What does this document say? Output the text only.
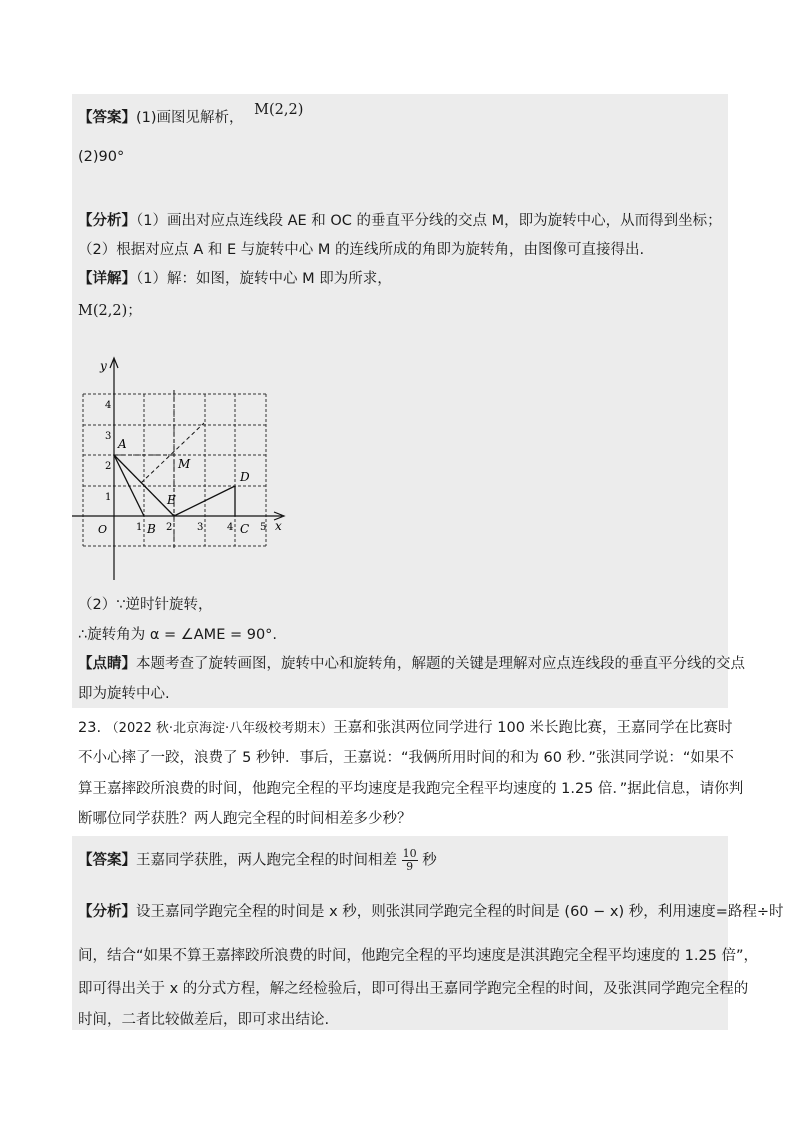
【答案】(1)画图见解析， M(2,2)
(2)90°
【分析】（1）画出对应点连线段 AE 和 OC 的垂直平分线的交点 M，即为旋转中心，从而得到坐标；
（2）根据对应点 A 和 E 与旋转中心 M 的连线所成的角即为旋转角，由图像可直接得出.
【详解】（1）解：如图，旋转中心 M 即为所求，
M(2,2)；
x
y
O	1 2 3 4	5
1
2
3
4
A
B	C
D
E
M
（2）∵逆时针旋转，
∴旋转角为 α = ∠AME = 90°.
【点睛】本题考查了旋转画图，旋转中心和旋转角，解题的关键是理解对应点连线段的垂直平分线的交点
即为旋转中心.
23. （2022 秋·北京海淀·八年级校考期末）王嘉和张淇两位同学进行 100 米长跑比赛，王嘉同学在比赛时
不小心摔了一跤，浪费了 5 秒钟．事后，王嘉说：“我俩所用时间的和为 60 秒．”张淇同学说：“如果不
算王嘉摔跤所浪费的时间，他跑完全程的平均速度是我跑完全程平均速度的 1.25 倍．”据此信息，请你判
断哪位同学获胜？两人跑完全程的时间相差多少秒？
【答案】王嘉同学获胜，两人跑完全程的时间相差 $\frac{10}{9}$ 秒
【分析】设王嘉同学跑完全程的时间是 x 秒，则张淇同学跑完全程的时间是 (60 − x) 秒，利用速度=路程÷时
间，结合“如果不算王嘉摔跤所浪费的时间，他跑完全程的平均速度是淇淇跑完全程平均速度的 1.25 倍”，
即可得出关于 x 的分式方程，解之经检验后，即可得出王嘉同学跑完全程的时间，及张淇同学跑完全程的
时间，二者比较做差后，即可求出结论.
